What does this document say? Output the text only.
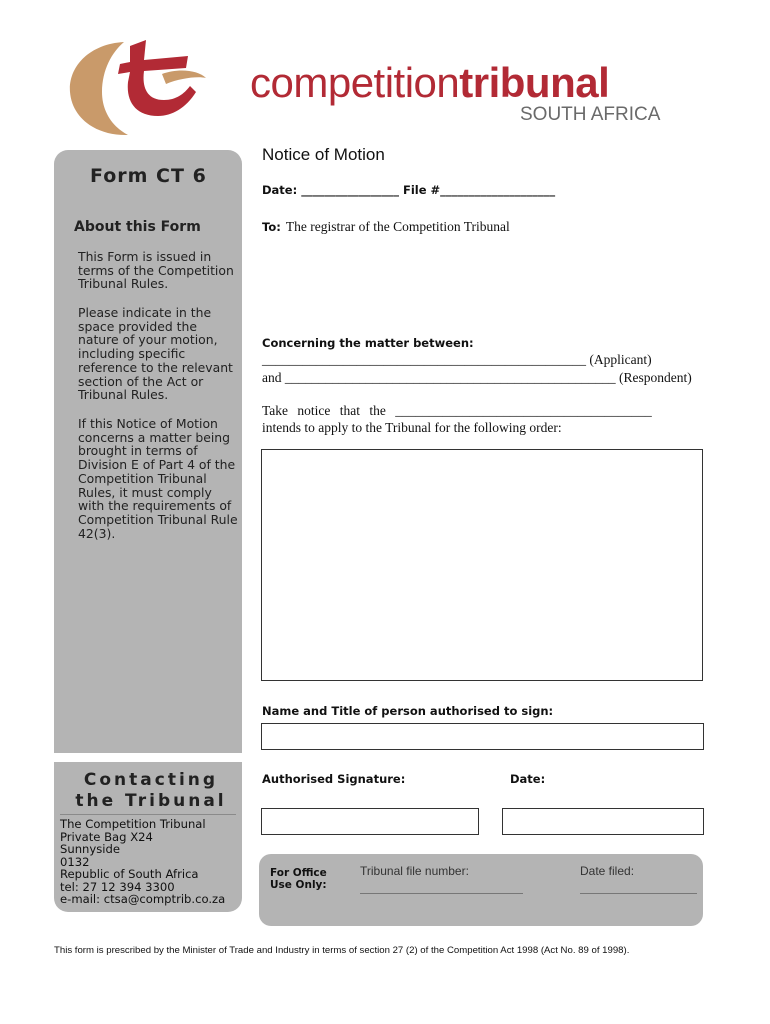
ct
competitiontribunal
SOUTH AFRICA
Form CT 6
About this Form
This Form is issued in terms of the Competition Tribunal Rules.
Please indicate in the space provided the nature of your motion, including specific reference to the relevant section of the Act or Tribunal Rules.
If this Notice of Motion concerns a matter being brought in terms of Division E of Part 4 of the Competition Tribunal Rules, it must comply with the requirements of Competition Tribunal Rule 42(3).
Contacting
the Tribunal
The Competition Tribunal
Private Bag X24
Sunnyside
0132
Republic of South Africa
tel: 27 12 394 3300
e-mail: ctsa@comptrib.co.za
Notice of Motion
Date: _________________ File #____________________
To: The registrar of the Competition Tribunal
Concerning the matter between:
________________________________________________ (Applicant)
and _________________________________________________ (Respondent)
Take notice that the ______________________________________
intends to apply to the Tribunal for the following order:
Name and Title of person authorised to sign:
Authorised Signature:	Date:
For Office
Use Only:
Tribunal file number:	Date filed:
This form is prescribed by the Minister of Trade and Industry in terms of section 27 (2) of the Competition Act 1998 (Act No. 89 of 1998).
